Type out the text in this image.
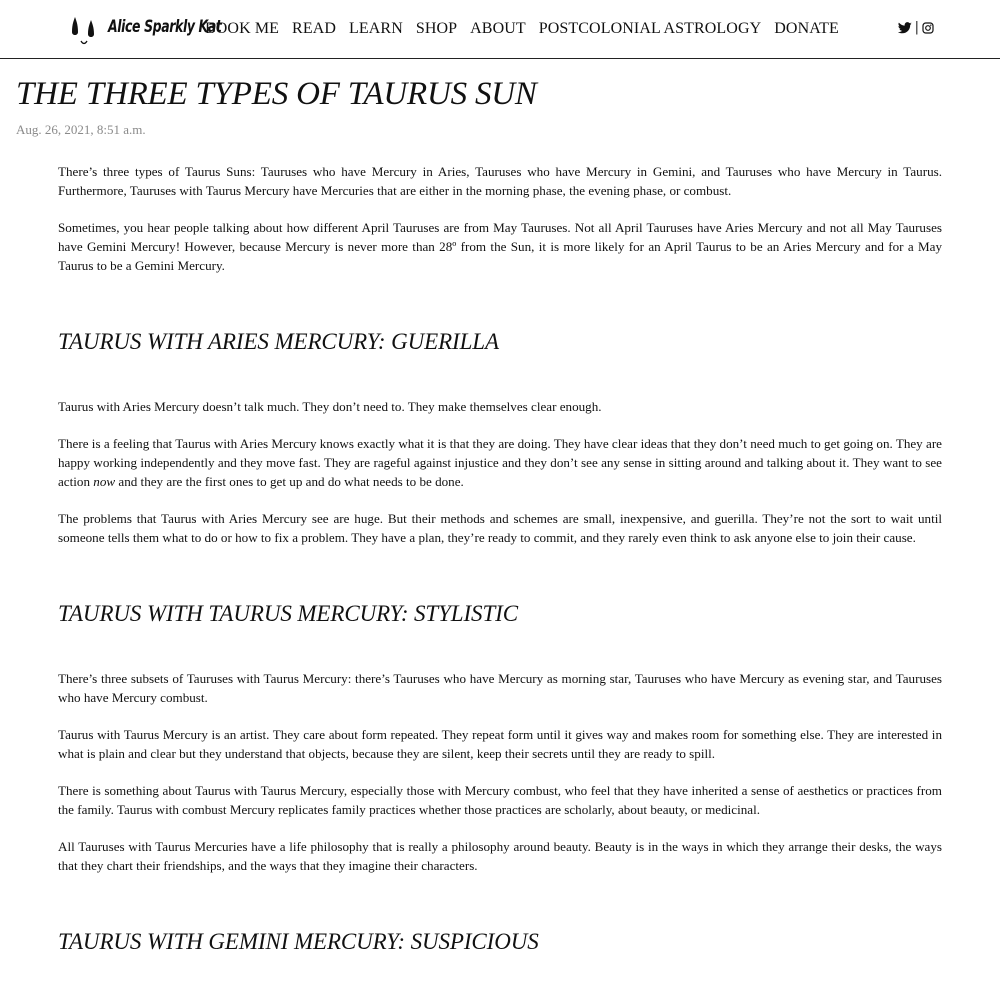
Alice Sparkly Kat
BOOK ME READ LEARN SHOP ABOUT POSTCOLONIAL ASTROLOGY DONATE	|
THE THREE TYPES OF TAURUS SUN
Aug. 26, 2021, 8:51 a.m.

There’s three types of Taurus Suns: Tauruses who have Mercury in Aries, Tauruses who have Mercury in Gemini, and Tauruses who have Mercury in Taurus. Furthermore, Tauruses with Taurus Mercury have Mercuries that are either in the morning phase, the evening phase, or combust.

Sometimes, you hear people talking about how different April Tauruses are from May Tauruses. Not all April Tauruses have Aries Mercury and not all May Tauruses have Gemini Mercury! However, because Mercury is never more than 28º from the Sun, it is more likely for an April Taurus to be an Aries Mercury and for a May Taurus to be a Gemini Mercury.

TAURUS WITH ARIES MERCURY: GUERILLA

Taurus with Aries Mercury doesn’t talk much. They don’t need to. They make themselves clear enough.

There is a feeling that Taurus with Aries Mercury knows exactly what it is that they are doing. They have clear ideas that they don’t need much to get going on. They are happy working independently and they move fast. They are rageful against injustice and they don’t see any sense in sitting around and talking about it. They want to see action now and they are the first ones to get up and do what needs to be done.

The problems that Taurus with Aries Mercury see are huge. But their methods and schemes are small, inexpensive, and guerilla. They’re not the sort to wait until someone tells them what to do or how to fix a problem. They have a plan, they’re ready to commit, and they rarely even think to ask anyone else to join their cause.

TAURUS WITH TAURUS MERCURY: STYLISTIC

There’s three subsets of Tauruses with Taurus Mercury: there’s Tauruses who have Mercury as morning star, Tauruses who have Mercury as evening star, and Tauruses who have Mercury combust.

Taurus with Taurus Mercury is an artist. They care about form repeated. They repeat form until it gives way and makes room for something else. They are interested in what is plain and clear but they understand that objects, because they are silent, keep their secrets until they are ready to spill.

There is something about Taurus with Taurus Mercury, especially those with Mercury combust, who feel that they have inherited a sense of aesthetics or practices from the family. Taurus with combust Mercury replicates family practices whether those practices are scholarly, about beauty, or medicinal.

All Tauruses with Taurus Mercuries have a life philosophy that is really a philosophy around beauty. Beauty is in the ways in which they arrange their desks, the ways that they chart their friendships, and the ways that they imagine their characters.

TAURUS WITH GEMINI MERCURY: SUSPICIOUS
